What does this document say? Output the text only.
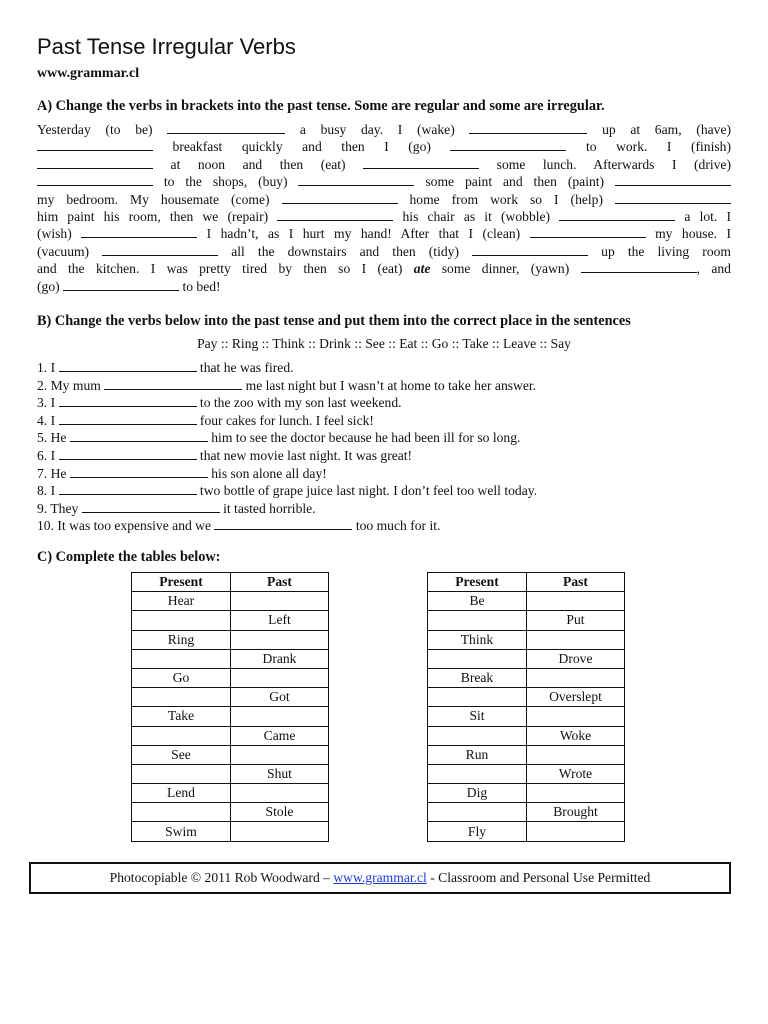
Past Tense Irregular Verbs
www.grammar.cl
A) Change the verbs in brackets into the past tense. Some are regular and some are irregular.
Yesterday (to be)	a busy day. I (wake)	up at 6am, (have)
breakfast quickly and then I (go)	to work. I (finish)
at noon and then (eat)	some lunch. Afterwards I (drive)
to the shops, (buy)	some paint and then (paint)
my bedroom. My housemate (come)	home from work so I (help)
him paint his room, then we (repair)	his chair as it (wobble)	a lot. I
(wish)	I hadn’t, as I hurt my hand! After that I (clean)	my house. I
(vacuum)	all the downstairs and then (tidy)	up the living room
and the kitchen. I was pretty tired by then so I (eat) ate some dinner, (yawn)	, and
(go)	to bed!
B) Change the verbs below into the past tense and put them into the correct place in the sentences
Pay :: Ring :: Think :: Drink :: See :: Eat :: Go :: Take :: Leave :: Say
1. I	that he was fired.
2. My mum	me last night but I wasn’t at home to take her answer.
3. I	to the zoo with my son last weekend.
4. I	four cakes for lunch. I feel sick!
5. He	him to see the doctor because he had been ill for so long.
6. I	that new movie last night. It was great!
7. He	his son alone all day!
8. I	two bottle of grape juice last night. I don’t feel too well today.
9. They	it tasted horrible.
10. It was too expensive and we	too much for it.
C) Complete the tables below:
Present	Past
Hear	
	Left
Ring	
	Drank
Go	
	Got
Take	
	Came
See	
	Shut
Lend	
	Stole
Swim	
Present	Past
Be	
	Put
Think	
	Drove
Break	
	Overslept
Sit	
	Woke
Run	
	Wrote
Dig	
	Brought
Fly	
Photocopiable © 2011 Rob Woodward – www.grammar.cl - Classroom and Personal Use Permitted
